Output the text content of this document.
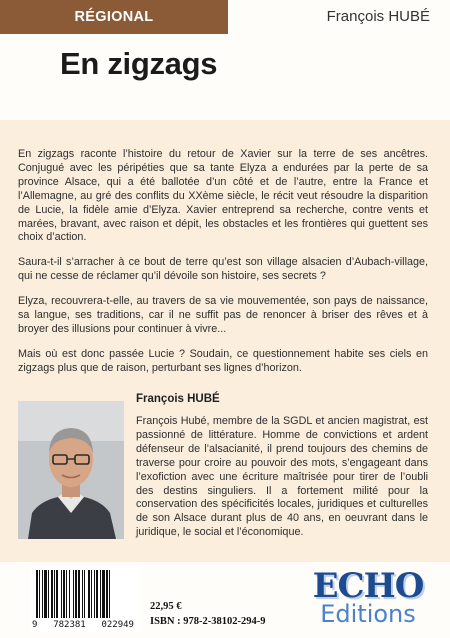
RÉGIONAL	François HUBÉ
En zigzags

En zigzags raconte l’histoire du retour de Xavier sur la terre de ses ancêtres. Conjugué avec les péripéties que sa tante Elyza a endurées par la perte de sa province Alsace, qui a été ballotée d’un côté et de l’autre, entre la France et l’Allemagne, au gré des conflits du XXème siècle, le récit veut résoudre la disparition de Lucie, la fidèle amie d’Elyza. Xavier entreprend sa recherche, contre vents et marées, bravant, avec raison et dépit, les obstacles et les frontières qui guettent ses choix d’action.

Saura-t-il s’arracher à ce bout de terre qu’est son village alsacien d’Aubach-village, qui ne cesse de réclamer qu’il dévoile son histoire, ses secrets ?

Elyza, recouvrera-t-elle, au travers de sa vie mouvementée, son pays de naissance, sa langue, ses traditions, car il ne suffit pas de renoncer à briser des rêves et à broyer des illusions pour continuer à vivre...

Mais où est donc passée Lucie ? Soudain, ce questionnement habite ses ciels en zigzags plus que de raison, perturbant ses lignes d’horizon.

François HUBÉ
François Hubé, membre de la SGDL et ancien magistrat, est passionné de littérature. Homme de convictions et ardent défenseur de l’alsacianité, il prend toujours des chemins de traverse pour croire au pouvoir des mots, s’engageant dans l’exofiction avec une écriture maîtrisée pour tirer de l’oubli des destins singuliers. Il a fortement milité pour la conservation des spécificités locales, juridiques et culturelles de son Alsace durant plus de 40 ans, en oeuvrant dans le juridique, le social et l’économique.
9 782381 022949
22,95 €
ISBN : 978-2-38102-294-9
ECHO
Editions
